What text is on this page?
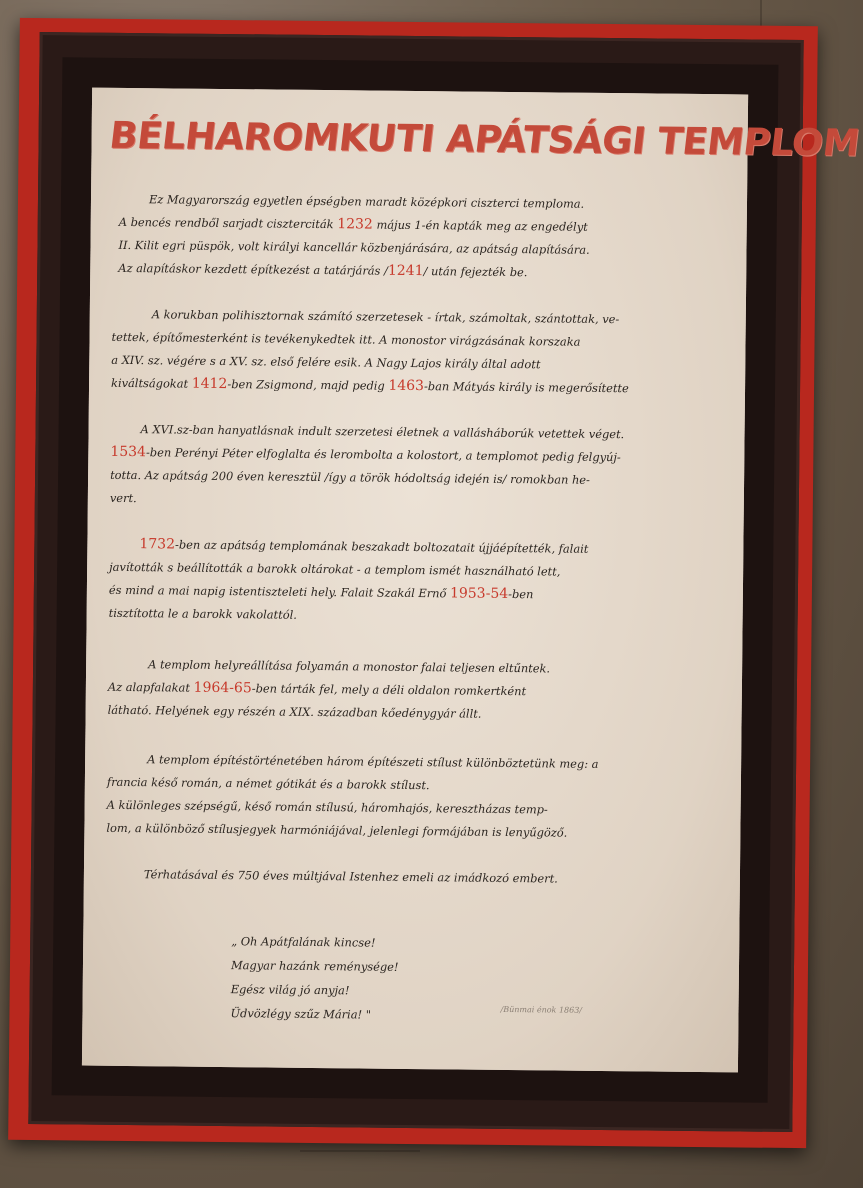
BÉLHAROMKUTI APÁTSÁGI TEMPLOM
Ez Magyarország egyetlen épségben maradt középkori ciszterci temploma.
A bencés rendből sarjadt ciszterciták 1232 május 1-én kapták meg az engedélyt
II. Kilit egri püspök, volt királyi kancellár közbenjárására, az apátság alapítására.
Az alapításkor kezdett építkezést a tatárjárás /1241/ után fejezték be.
A korukban polihisztornak számító szerzetesek - írtak, számoltak, szántottak, ve-
tettek, építőmesterként is tevékenykedtek itt. A monostor virágzásának korszaka
a XIV. sz. végére s a XV. sz. első felére esik. A Nagy Lajos király által adott
kiváltságokat 1412-ben Zsigmond, majd pedig 1463-ban Mátyás király is megerősítette
A XVI.sz-ban hanyatlásnak indult szerzetesi életnek a vallásháborúk vetettek véget.
1534-ben Perényi Péter elfoglalta és lerombolta a kolostort, a templomot pedig felgyúj-
totta. Az apátság 200 éven keresztül /így a török hódoltság idején is/ romokban he-
vert.
1732-ben az apátság templomának beszakadt boltozatait újjáépítették, falait
javították s beállították a barokk oltárokat - a templom ismét használható lett,
és mind a mai napig istentiszteleti hely. Falait Szakál Ernő 1953-54-ben
tisztította le a barokk vakolattól.
A templom helyreállítása folyamán a monostor falai teljesen eltűntek.
Az alapfalakat 1964-65-ben tárták fel, mely a déli oldalon romkertként
látható. Helyének egy részén a XIX. században kőedénygyár állt.
A templom építéstörténetében három építészeti stílust különböztetünk meg: a
francia késő román, a német gótikát és a barokk stílust.
A különleges szépségű, késő román stílusú, háromhajós, keresztházas temp-
lom, a különböző stílusjegyek harmóniájával, jelenlegi formájában is lenyűgöző.
Térhatásával és 750 éves múltjával Istenhez emeli az imádkozó embert.
„ Oh Apátfalának kincse!
Magyar hazánk reménysége!
Egész világ jó anyja!
Üdvözlégy szűz Mária! "	/Bünmai énok 1863/
